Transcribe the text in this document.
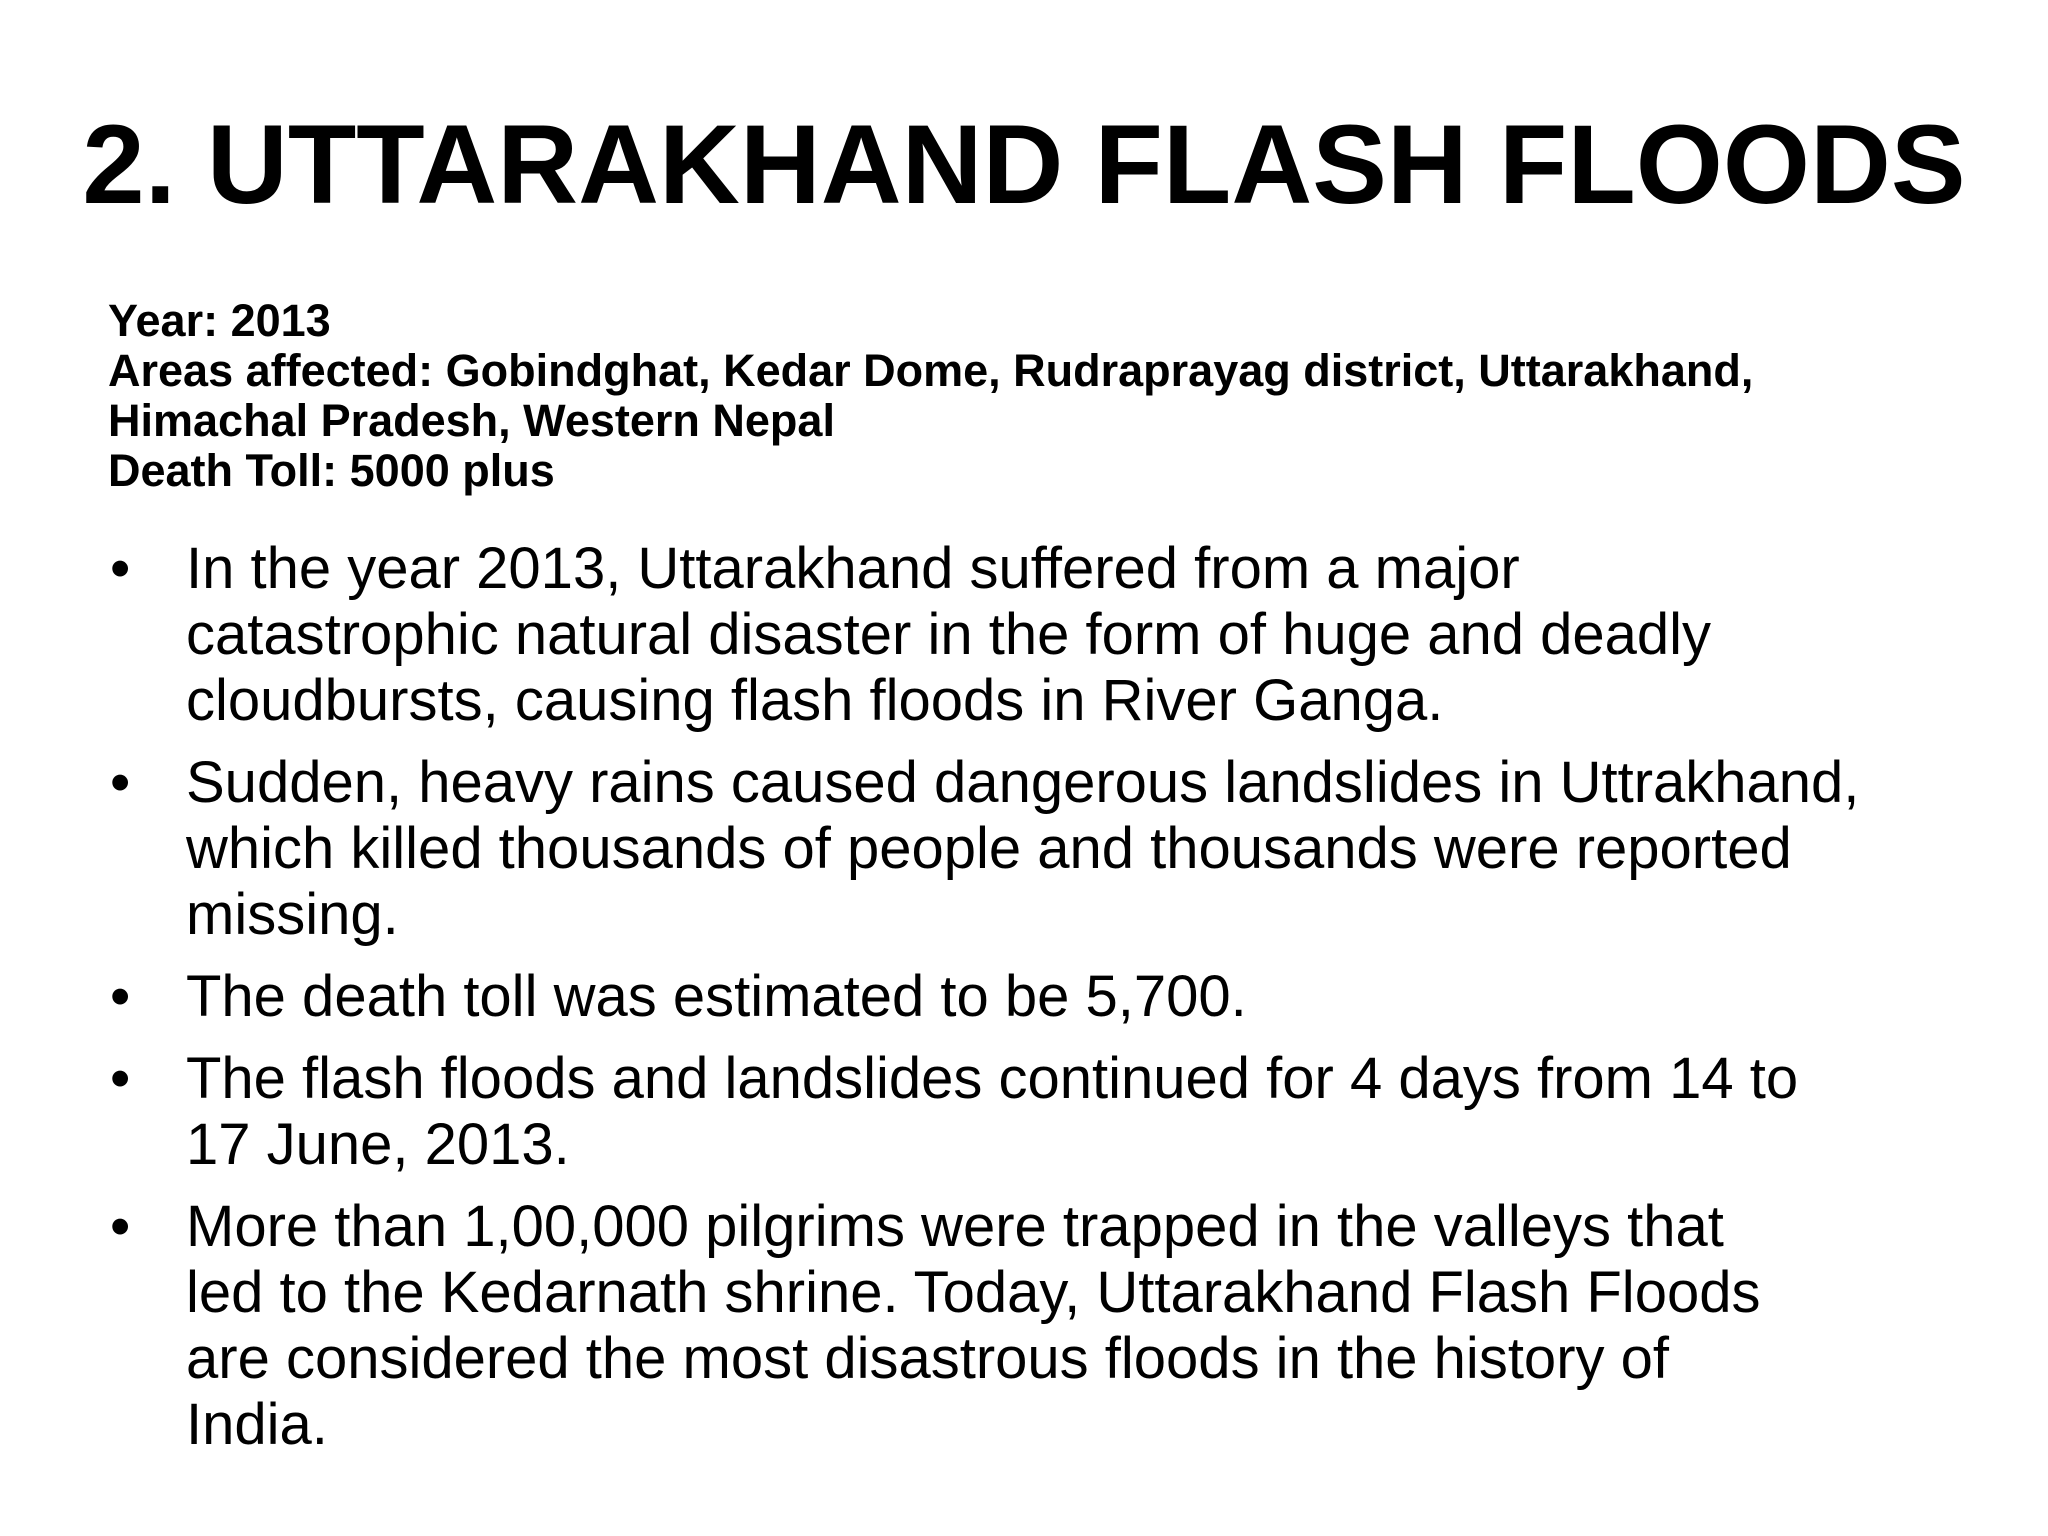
2. UTTARAKHAND FLASH FLOODS
Year: 2013
Areas affected: Gobindghat, Kedar Dome, Rudraprayag district, Uttarakhand,
Himachal Pradesh, Western Nepal
Death Toll: 5000 plus
• In the year 2013, Uttarakhand suffered from a major
catastrophic natural disaster in the form of huge and deadly
cloudbursts, causing flash floods in River Ganga.
• Sudden, heavy rains caused dangerous landslides in Uttrakhand,
which killed thousands of people and thousands were reported
missing.
• The death toll was estimated to be 5,700.
• The flash floods and landslides continued for 4 days from 14 to
17 June, 2013.
• More than 1,00,000 pilgrims were trapped in the valleys that
led to the Kedarnath shrine. Today, Uttarakhand Flash Floods
are considered the most disastrous floods in the history of
India.
